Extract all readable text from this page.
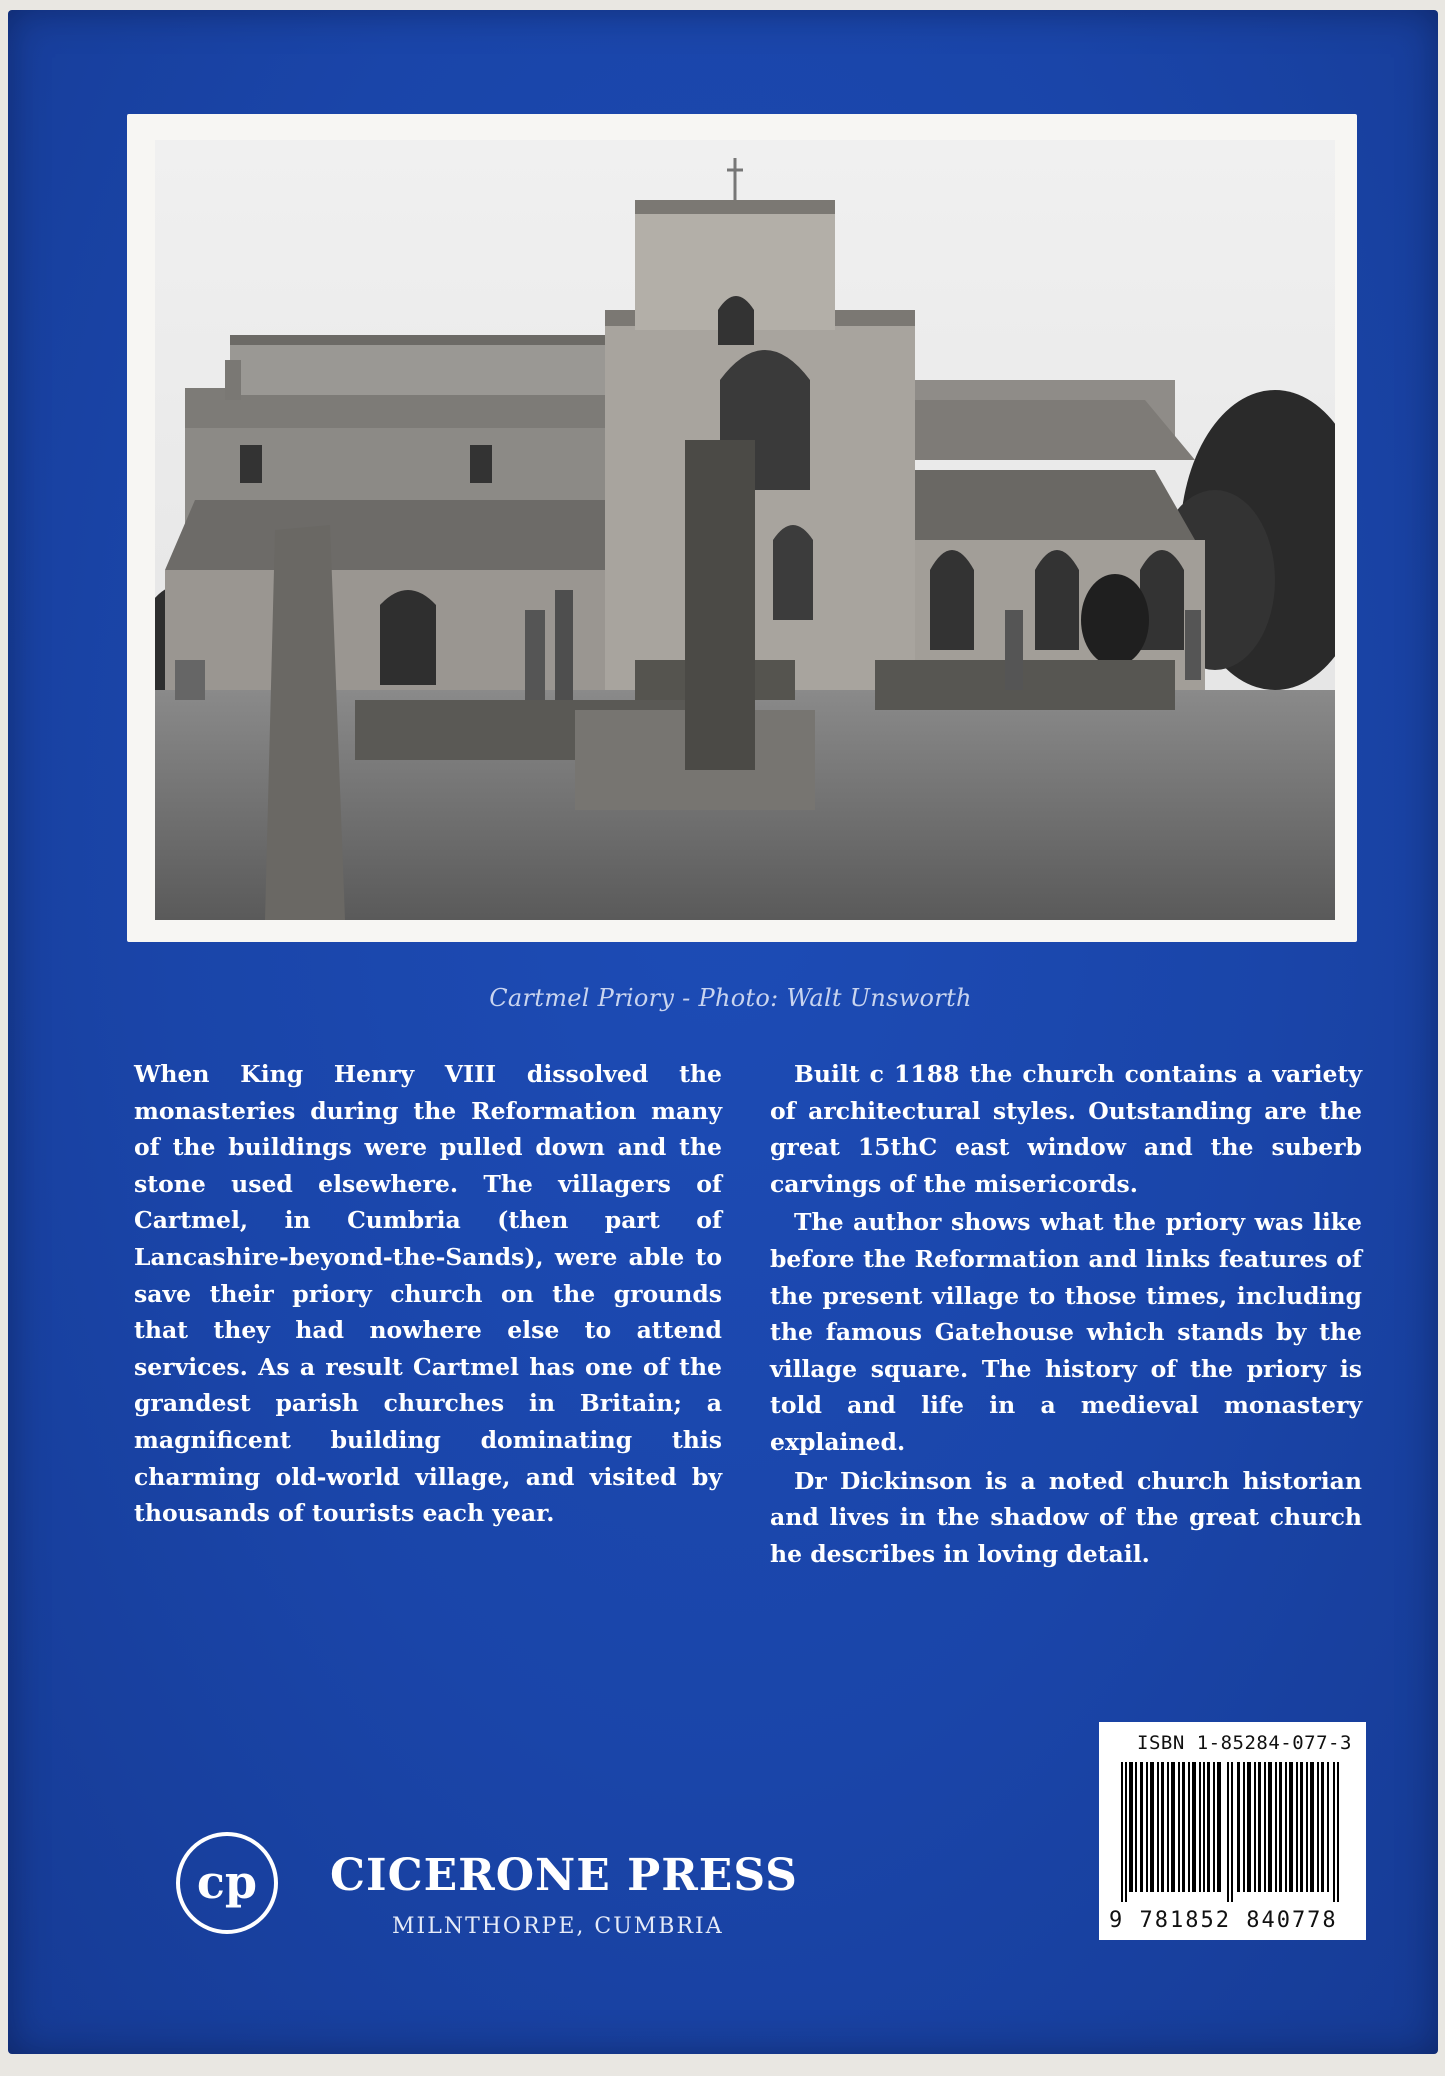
Cartmel Priory - Photo: Walt Unsworth

When King Henry VIII dissolved the monasteries during the Reformation many of the buildings were pulled down and the stone used elsewhere. The villagers of Cartmel, in Cumbria (then part of Lancashire-beyond-the-Sands), were able to save their priory church on the grounds that they had nowhere else to attend services. As a result Cartmel has one of the grandest parish churches in Britain; a magnificent building dominating this charming old-world village, and visited by thousands of tourists each year.

Built c 1188 the church contains a variety of architectural styles. Outstanding are the great 15thC east window and the suberb carvings of the misericords.

The author shows what the priory was like before the Reformation and links features of the present village to those times, including the famous Gatehouse which stands by the village square. The history of the priory is told and life in a medieval monastery explained.

Dr Dickinson is a noted church historian and lives in the shadow of the great church he describes in loving detail.

ISBN 1-85284-077-3
9 781852 840778
cp CICERONE PRESS
MILNTHORPE, CUMBRIA
